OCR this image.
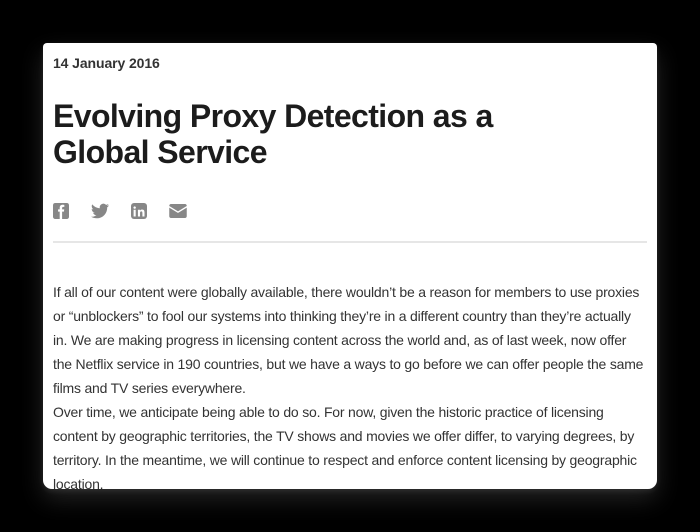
14 January 2016
Evolving Proxy Detection as a
Global Service

If all of our content were globally available, there wouldn’t be a reason for members to use proxies
or “unblockers” to fool our systems into thinking they’re in a different country than they’re actually
in. We are making progress in licensing content across the world and, as of last week, now offer
the Netflix service in 190 countries, but we have a ways to go before we can offer people the same
films and TV series everywhere.

Over time, we anticipate being able to do so. For now, given the historic practice of licensing
content by geographic territories, the TV shows and movies we offer differ, to varying degrees, by
territory. In the meantime, we will continue to respect and enforce content licensing by geographic
location.
